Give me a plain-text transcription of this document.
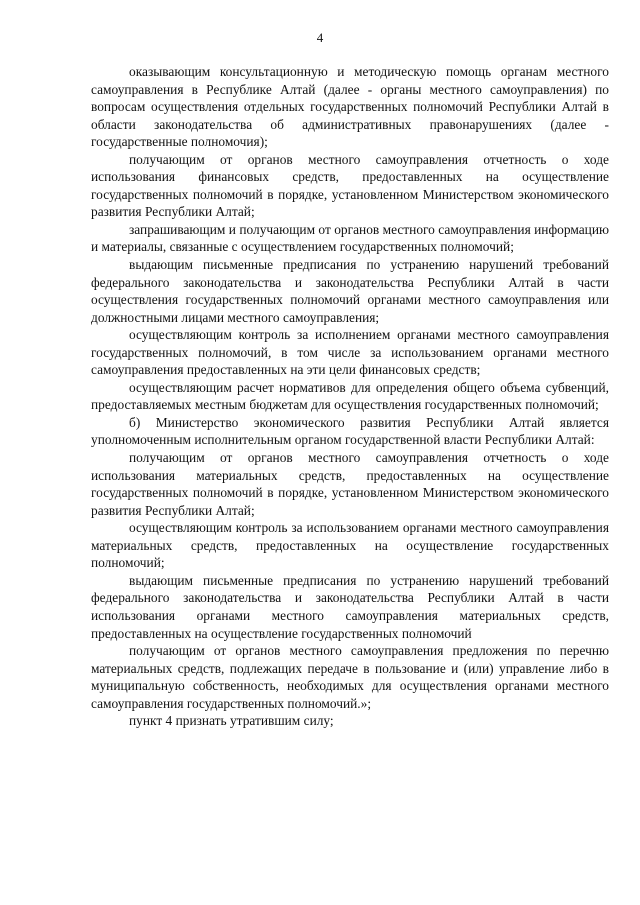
4

оказывающим консультационную и методическую помощь органам местного самоуправления в Республике Алтай (далее - органы местного самоуправления) по вопросам осуществления отдельных государственных полномочий Республики Алтай в области законодательства об административных правонарушениях (далее - государственные полномочия);

получающим от органов местного самоуправления отчетность о ходе использования финансовых средств, предоставленных на осуществление государственных полномочий в порядке, установленном Министерством экономического развития Республики Алтай;

запрашивающим и получающим от органов местного самоуправления информацию и материалы, связанные с осуществлением государственных полномочий;

выдающим письменные предписания по устранению нарушений требований федерального законодательства и законодательства Республики Алтай в части осуществления государственных полномочий органами местного самоуправления или должностными лицами местного самоуправления;

осуществляющим контроль за исполнением органами местного самоуправления государственных полномочий, в том числе за использованием органами местного самоуправления предоставленных на эти цели финансовых средств;

осуществляющим расчет нормативов для определения общего объема субвенций, предоставляемых местным бюджетам для осуществления государственных полномочий;

б) Министерство экономического развития Республики Алтай является уполномоченным исполнительным органом государственной власти Республики Алтай:

получающим от органов местного самоуправления отчетность о ходе использования материальных средств, предоставленных на осуществление государственных полномочий в порядке, установленном Министерством экономического развития Республики Алтай;

осуществляющим контроль за использованием органами местного самоуправления материальных средств, предоставленных на осуществление государственных полномочий;

выдающим письменные предписания по устранению нарушений требований федерального законодательства и законодательства Республики Алтай в части использования органами местного самоуправления материальных средств, предоставленных на осуществление государственных полномочий

получающим от органов местного самоуправления предложения по перечню материальных средств, подлежащих передаче в пользование и (или) управление либо в муниципальную собственность, необходимых для осуществления органами местного самоуправления государственных полномочий.»;

пункт 4 признать утратившим силу;
